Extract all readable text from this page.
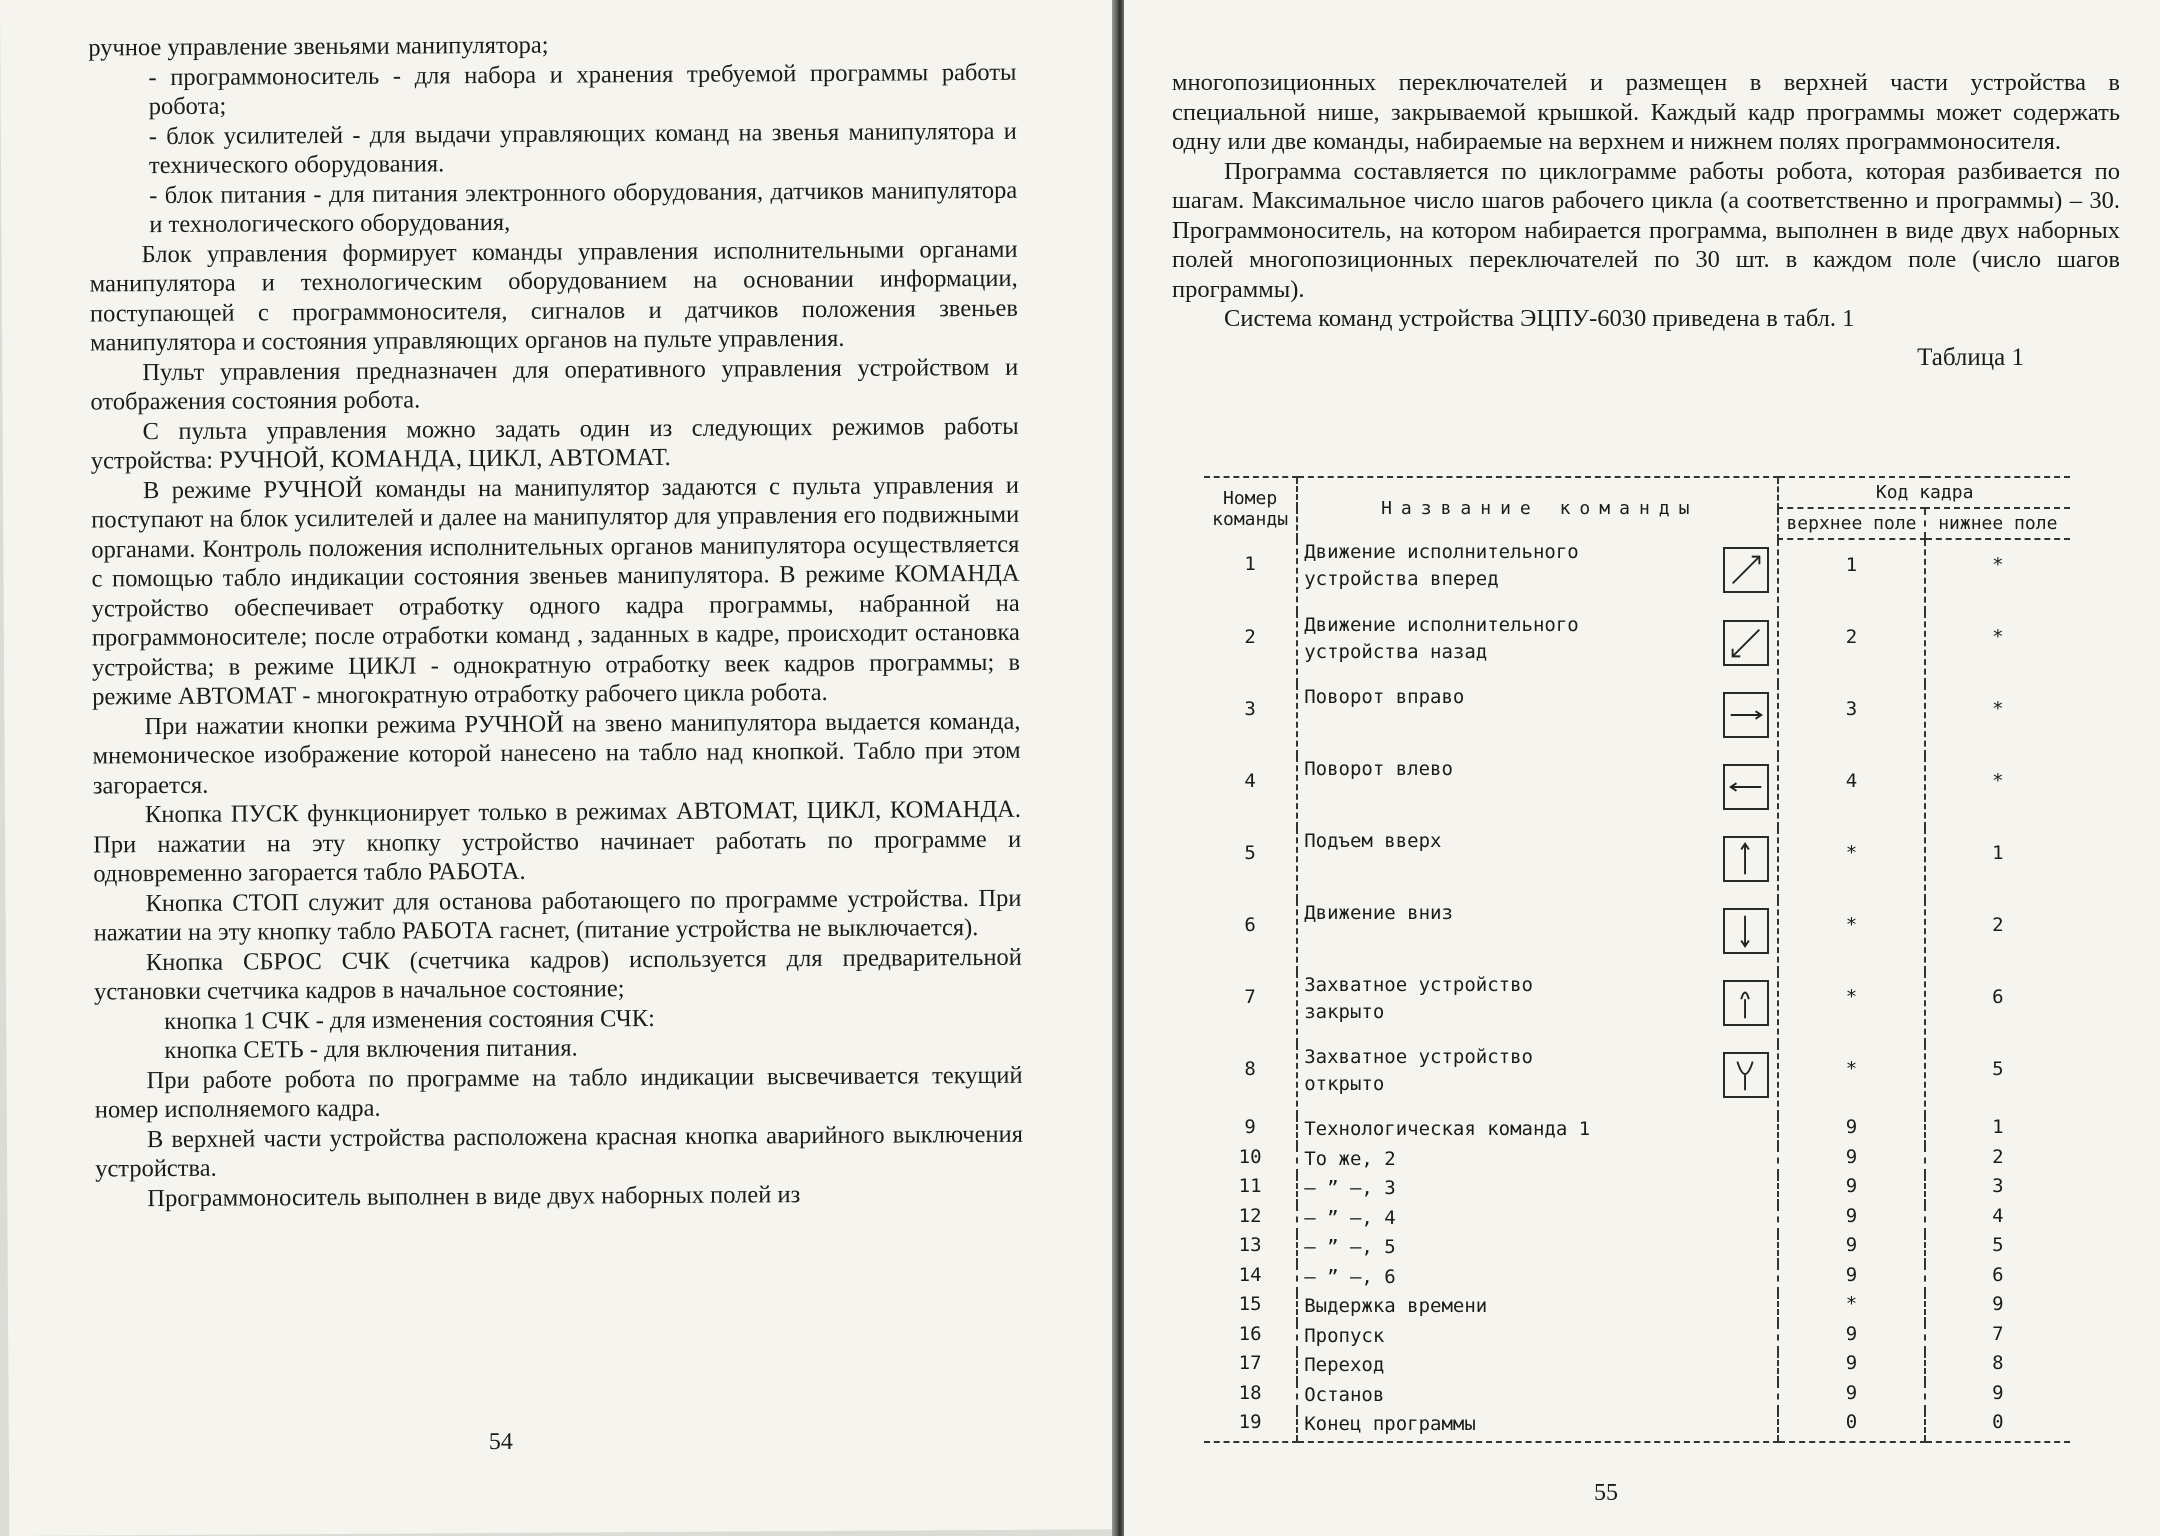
ручное управление звеньями манипулятора;

- программоноситель - для набора и хранения требуемой программы работы робота;

- блок усилителей - для выдачи управляющих команд на звенья манипулятора и технического оборудования.

- блок питания - для питания электронного оборудования, датчиков манипулятора и технологического оборудования,

Блок управления формирует команды управления исполнительными органами манипулятора и технологическим оборудованием на основании информации, поступающей с программоносителя, сигналов и датчиков положения звеньев манипулятора и состояния управляющих органов на пульте управления.

Пульт управления предназначен для оперативного управления устройством и отображения состояния робота.

С пульта управления можно задать один из следующих режимов работы устройства: РУЧНОЙ, КОМАНДА, ЦИКЛ, АВТОМАТ.

В режиме РУЧНОЙ команды на манипулятор задаются с пульта управления и поступают на блок усилителей и далее на манипулятор для управления его подвижными органами. Контроль положения исполнительных органов манипулятора осуществляется с помощью табло индикации состояния звеньев манипулятора. В режиме КОМАНДА устройство обеспечивает отработку одного кадра программы, набранной на программоносителе; после отработки команд , заданных в кадре, происходит остановка устройства; в режиме ЦИКЛ - однократную отработку веек кадров программы; в режиме АВТОМАТ - многократную отработку рабочего цикла робота.

При нажатии кнопки режима РУЧНОЙ на звено манипулятора выдается команда, мнемоническое изображение которой нанесено на табло над кнопкой. Табло при этом загорается.

Кнопка ПУСК функционирует только в режимах АВТОМАТ, ЦИКЛ, КОМАНДА. При нажатии на эту кнопку устройство начинает работать по программе и одновременно загорается табло РАБОТА.

Кнопка СТОП служит для останова работающего по программе устройства. При нажатии на эту кнопку табло РАБОТА гаснет, (питание устройства не выключается).

Кнопка СБРОС СЧК (счетчика кадров) используется для предварительной установки счетчика кадров в начальное состояние;

кнопка 1 СЧК - для изменения состояния СЧК:

кнопка СЕТЬ - для включения питания.

При работе робота по программе на табло индикации высвечивается текущий номер исполняемого кадра.

В верхней части устройства расположена красная кнопка аварийного выключения устройства.

Программоноситель выполнен в виде двух наборных полей из

54

многопозиционных переключателей и размещен в верхней части устройства в специальной нише, закрываемой крышкой. Каждый кадр программы может содержать одну или две команды, набираемые на верхнем и нижнем полях программоносителя.

Программа составляется по циклограмме работы робота, которая разбивается по шагам. Максимальное число шагов рабочего цикла (а соответственно и программы) – 30. Программоноситель, на котором набирается программа, выполнен в виде двух наборных полей многопозиционных переключателей по 30 шт. в каждом поле (число шагов программы).

Система команд устройства ЭЦПУ-6030 приведена в табл. 1

Таблица 1
Номер команды	Название команды	Код кадра	
		верхнее поле	нижнее поле
1	Движение исполнительного
устройства вперед	1	*
2	Движение исполнительного
устройства назад	2	*
3	Поворот вправо	3	*
4	Поворот влево	4	*
5	Подъем вверх	*	1
6	Движение вниз	*	2
7	Захватное устройство
закрыто	*	6
8	Захватное устройство
открыто	*	5
9	Технологическая команда 1	9	1
10	То же, 2	9	2
11	– ” –, 3	9	3
12	– ” –, 4	9	4
13	– ” –, 5	9	5
14	– ” –, 6	9	6
15	Выдержка времени	*	9
16	Пропуск	9	7
17	Переход	9	8
18	Останов	9	9
19	Конец программы	0	0
55
